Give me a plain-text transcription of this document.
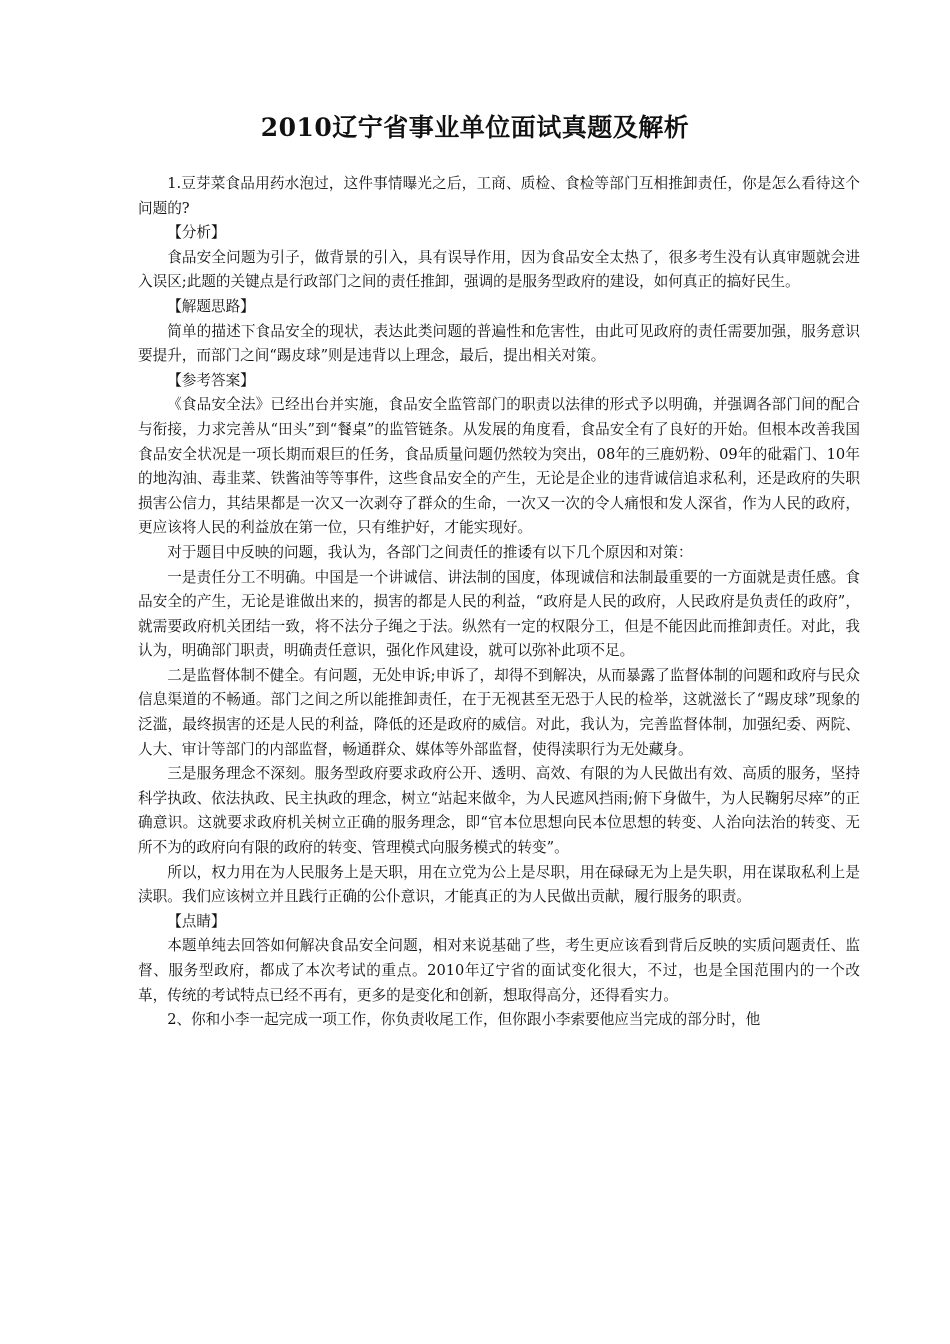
2010辽宁省事业单位面试真题及解析

1.豆芽菜食品用药水泡过，这件事情曝光之后，工商、质检、食检等部门互相推卸责任，你是怎么看待这个问题的?

【分析】

食品安全问题为引子，做背景的引入，具有误导作用，因为食品安全太热了，很多考生没有认真审题就会进入误区;此题的关键点是行政部门之间的责任推卸，强调的是服务型政府的建设，如何真正的搞好民生。

【解题思路】

简单的描述下食品安全的现状，表达此类问题的普遍性和危害性，由此可见政府的责任需要加强，服务意识要提升，而部门之间“踢皮球”则是违背以上理念，最后，提出相关对策。

【参考答案】

《食品安全法》已经出台并实施，食品安全监管部门的职责以法律的形式予以明确，并强调各部门间的配合与衔接，力求完善从“田头”到“餐桌”的监管链条。从发展的角度看，食品安全有了良好的开始。但根本改善我国食品安全状况是一项长期而艰巨的任务，食品质量问题仍然较为突出，08年的三鹿奶粉、09年的砒霜门、10年的地沟油、毒韭菜、铁酱油等等事件，这些食品安全的产生，无论是企业的违背诚信追求私利，还是政府的失职损害公信力，其结果都是一次又一次剥夺了群众的生命，一次又一次的令人痛恨和发人深省，作为人民的政府，更应该将人民的利益放在第一位，只有维护好，才能实现好。

对于题目中反映的问题，我认为，各部门之间责任的推诿有以下几个原因和对策：

一是责任分工不明确。中国是一个讲诚信、讲法制的国度，体现诚信和法制最重要的一方面就是责任感。食品安全的产生，无论是谁做出来的，损害的都是人民的利益，“政府是人民的政府，人民政府是负责任的政府”，就需要政府机关团结一致，将不法分子绳之于法。纵然有一定的权限分工，但是不能因此而推卸责任。对此，我认为，明确部门职责，明确责任意识，强化作风建设，就可以弥补此项不足。

二是监督体制不健全。有问题，无处申诉;申诉了，却得不到解决，从而暴露了监督体制的问题和政府与民众信息渠道的不畅通。部门之间之所以能推卸责任，在于无视甚至无恐于人民的检举，这就滋长了“踢皮球”现象的泛滥，最终损害的还是人民的利益，降低的还是政府的威信。对此，我认为，完善监督体制，加强纪委、两院、人大、审计等部门的内部监督，畅通群众、媒体等外部监督，使得渎职行为无处藏身。

三是服务理念不深刻。服务型政府要求政府公开、透明、高效、有限的为人民做出有效、高质的服务，坚持科学执政、依法执政、民主执政的理念，树立“站起来做伞，为人民遮风挡雨;俯下身做牛，为人民鞠躬尽瘁”的正确意识。这就要求政府机关树立正确的服务理念，即“官本位思想向民本位思想的转变、人治向法治的转变、无所不为的政府向有限的政府的转变、管理模式向服务模式的转变”。

所以，权力用在为人民服务上是天职，用在立党为公上是尽职，用在碌碌无为上是失职，用在谋取私利上是渎职。我们应该树立并且践行正确的公仆意识，才能真正的为人民做出贡献，履行服务的职责。

【点睛】

本题单纯去回答如何解决食品安全问题，相对来说基础了些，考生更应该看到背后反映的实质问题责任、监督、服务型政府，都成了本次考试的重点。2010年辽宁省的面试变化很大，不过，也是全国范围内的一个改革，传统的考试特点已经不再有，更多的是变化和创新，想取得高分，还得看实力。

2、你和小李一起完成一项工作，你负责收尾工作，但你跟小李索要他应当完成的部分时，他
